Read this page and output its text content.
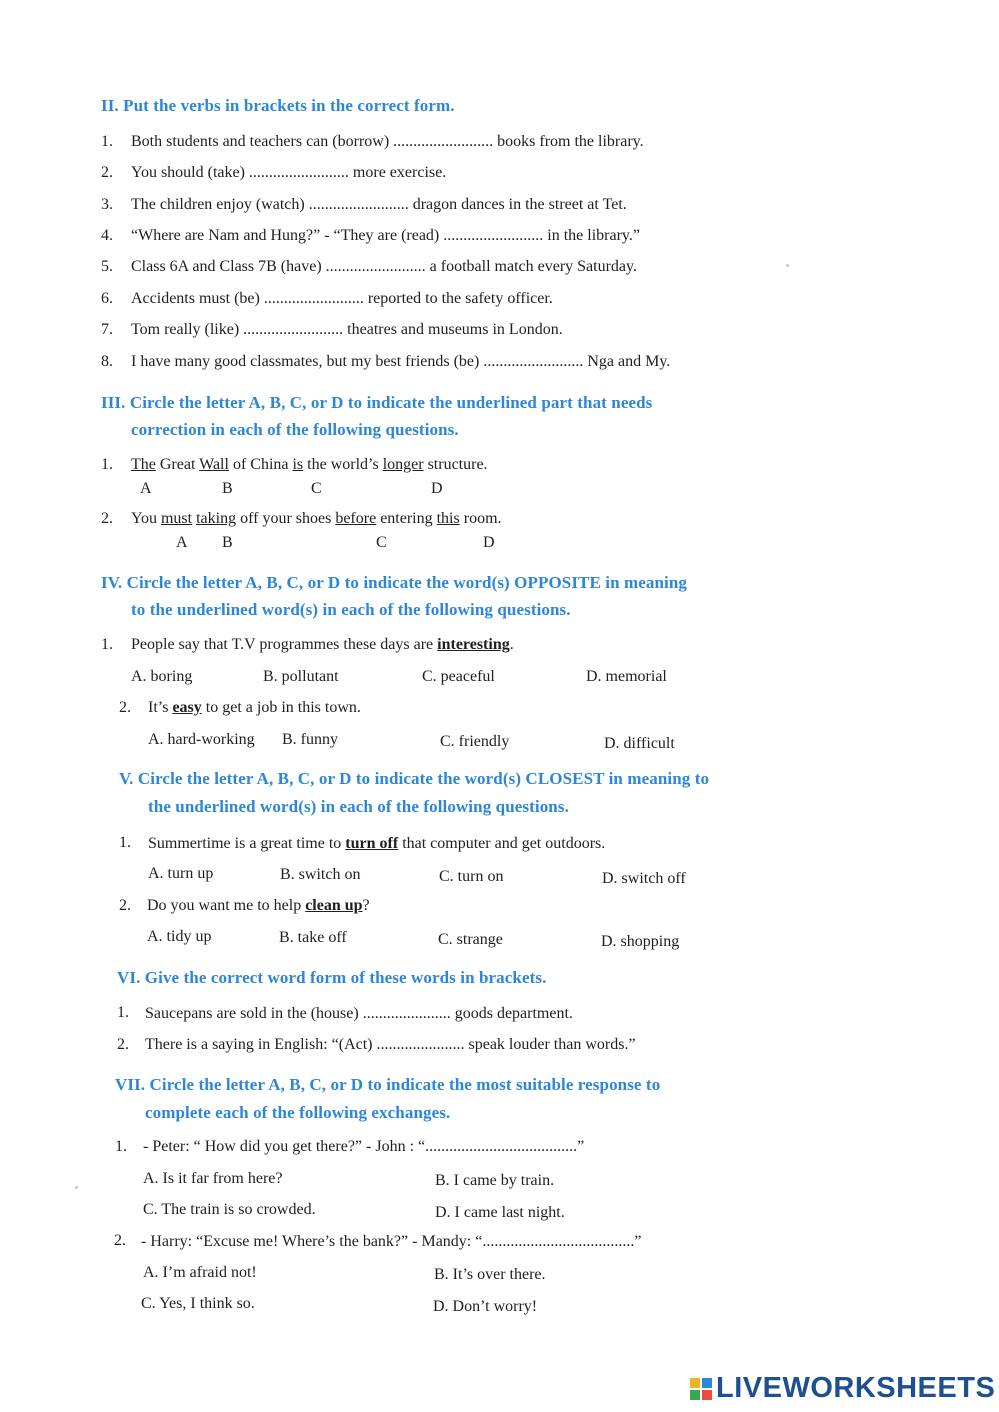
II. Put the verbs in brackets in the correct form.
1. Both students and teachers can (borrow) ......................... books from the library.
2. You should (take) ......................... more exercise.
3. The children enjoy (watch) ......................... dragon dances in the street at Tet.
4. “Where are Nam and Hung?” - “They are (read) ......................... in the library.”
5. Class 6A and Class 7B (have) ......................... a football match every Saturday.
6. Accidents must (be) ......................... reported to the safety officer.
7. Tom really (like) ......................... theatres and museums in London.
8. I have many good classmates, but my best friends (be) ......................... Nga and My.
III. Circle the letter A, B, C, or D to indicate the underlined part that needs
correction in each of the following questions.
1. The Great Wall of China is the world’s longer structure.
A	B	C	D
2. You must taking off your shoes before entering this room.
A B	C	D
IV. Circle the letter A, B, C, or D to indicate the word(s) OPPOSITE in meaning
to the underlined word(s) in each of the following questions.
1. People say that T.V programmes these days are interesting.
A. boring	B. pollutant	C. peaceful	D. memorial
2. It’s easy to get a job in this town.
A. hard-working B. funny	C. friendly	D. difficult
V. Circle the letter A, B, C, or D to indicate the word(s) CLOSEST in meaning to
the underlined word(s) in each of the following questions.
1. Summertime is a great time to turn off that computer and get outdoors.
A. turn up	B. switch on	C. turn on	D. switch off
2. Do you want me to help clean up?
A. tidy up	B. take off	C. strange	D. shopping
VI. Give the correct word form of these words in brackets.
1. Saucepans are sold in the (house) ...................... goods department.
2. There is a saying in English: “(Act) ...................... speak louder than words.”
VII. Circle the letter A, B, C, or D to indicate the most suitable response to
complete each of the following exchanges.
1. - Peter: “ How did you get there?” - John : “......................................”
A. Is it far from here?	B. I came by train.
C. The train is so crowded.	D. I came last night.
2. - Harry: “Excuse me! Where’s the bank?” - Mandy: “......................................”
A. I’m afraid not!	B. It’s over there.
C. Yes, I think so.	D. Don’t worry!
LIVEWORKSHEETS
